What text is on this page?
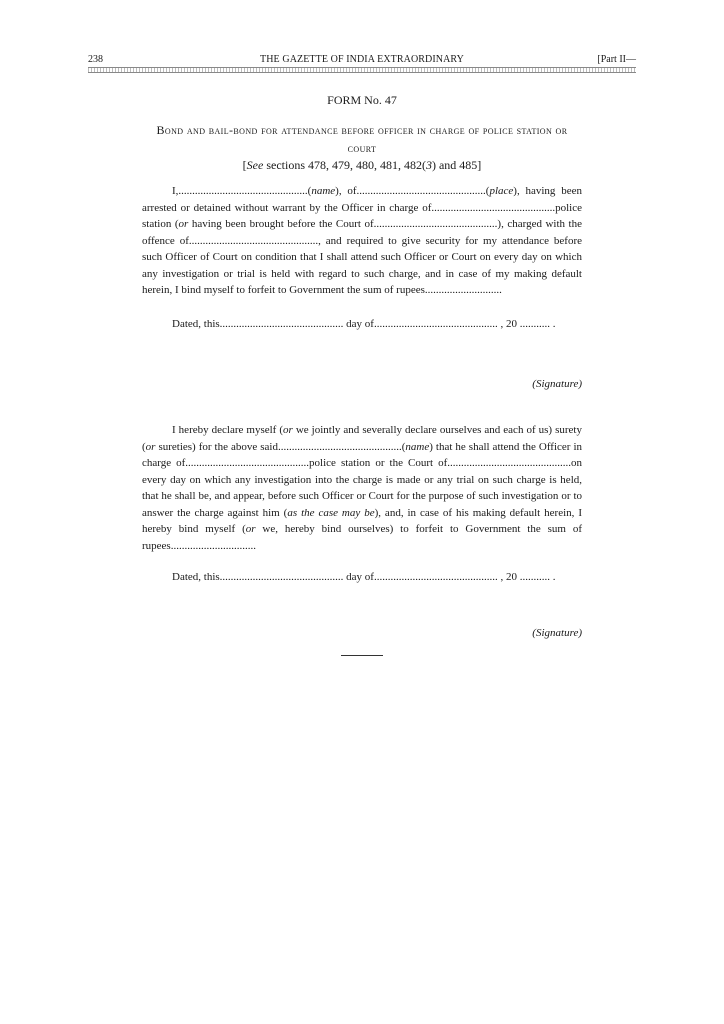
238	THE GAZETTE OF INDIA EXTRAORDINARY	[Part II—
FORM No. 47
Bond and bail-bond for attendance before officer in charge of police station or court
[See sections 478, 479, 480, 481, 482(3) and 485]
I,...............................................(name), of...............................................(place), having been arrested or detained without warrant by the Officer in charge of.............................................police station (or having been brought before the Court of.............................................), charged with the offence of..............................................., and required to give security for my attendance before such Officer of Court on condition that I shall attend such Officer or Court on every day on which any investigation or trial is held with regard to such charge, and in case of my making default herein, I bind myself to forfeit to Government the sum of rupees............................
Dated, this............................................. day of............................................. , 20 ........... .
(Signature)
I hereby declare myself (or we jointly and severally declare ourselves and each of us) surety (or sureties) for the above said.............................................(name) that he shall attend the Officer in charge of.............................................police station or the Court of.............................................on every day on which any investigation into the charge is made or any trial on such charge is held, that he shall be, and appear, before such Officer or Court for the purpose of such investigation or to answer the charge against him (as the case may be), and, in case of his making default herein, I hereby bind myself (or we, hereby bind ourselves) to forfeit to Government the sum of rupees...............................
Dated, this............................................. day of............................................. , 20 ........... .
(Signature)
